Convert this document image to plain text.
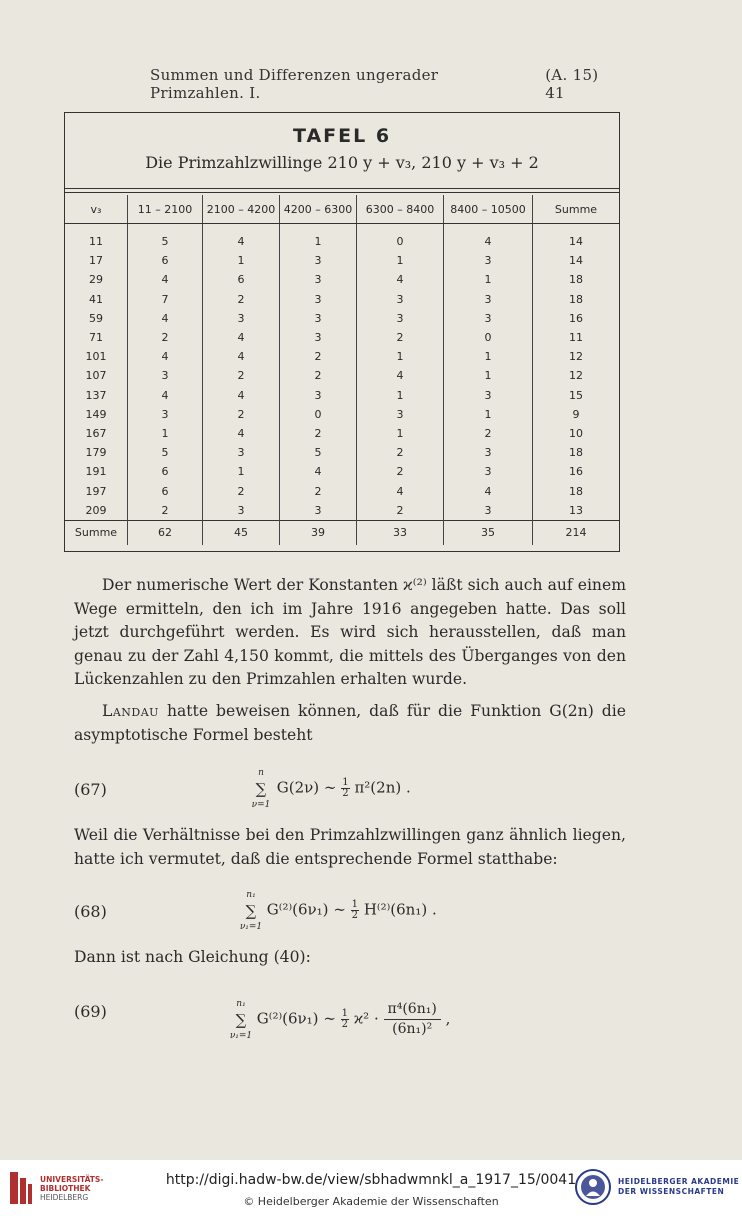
Summen und Differenzen ungerader Primzahlen. I.
(A. 15) 41
TAFEL 6
Die Primzahlzwillinge 210 y + v₃, 210 y + v₃ + 2
v₃	11 – 2100	2100 – 4200	4200 – 6300	6300 – 8400	8400 – 10500	Summe
11	5	4	1	0	4	14
17	6	1	3	1	3	14
29	4	6	3	4	1	18
41	7	2	3	3	3	18
59	4	3	3	3	3	16
71	2	4	3	2	0	11
101	4	4	2	1	1	12
107	3	2	2	4	1	12
137	4	4	3	1	3	15
149	3	2	0	3	1	9
167	1	4	2	1	2	10
179	5	3	5	2	3	18
191	6	1	4	2	3	16
197	6	2	2	4	4	18
209	2	3	3	2	3	13
Summe	62	45	39	33	35	214

Der numerische Wert der Konstanten ϰ⁽²⁾ läßt sich auch auf einem Wege ermitteln, den ich im Jahre 1916 angegeben hatte. Das soll jetzt durchgeführt werden. Es wird sich herausstellen, daß man genau zu der Zahl 4,150 kommt, die mittels des Überganges von den Lückenzahlen zu den Primzahlen erhalten wurde.

Landau hatte beweisen können, daß für die Funktion G(2n) die asymptotische Formel besteht

(67)	∑
n
ν=1
G(2ν) ∼ $\frac{1}{2} \pi^2(2n)$ .

Weil die Verhältnisse bei den Primzahlzwillingen ganz ähnlich liegen, hatte ich vermutet, daß die entsprechende Formel statthabe:

(68)	∑
n₁
ν₁=1
G⁽²⁾(6ν₁) ∼ $\frac{1}{2} H^{(2)}(6n_1)$ .

Dann ist nach Gleichung (40):

(69)	∑
n₁
ν₁=1
G⁽²⁾(6ν₁) ∼ $\frac{1}{2} ϰ^2 \cdot \frac{\text{π⁴(6n₁)}}{\text{(6n₁)²}}$ ,
UNIVERSITÄTS-
BIBLIOTHEK
HEIDELBERG
http://digi.hadw-bw.de/view/sbhadwmnkl_a_1917_15/0041
© Heidelberger Akademie der Wissenschaften
HEIDELBERGER AKADEMIE
DER WISSENSCHAFTEN
